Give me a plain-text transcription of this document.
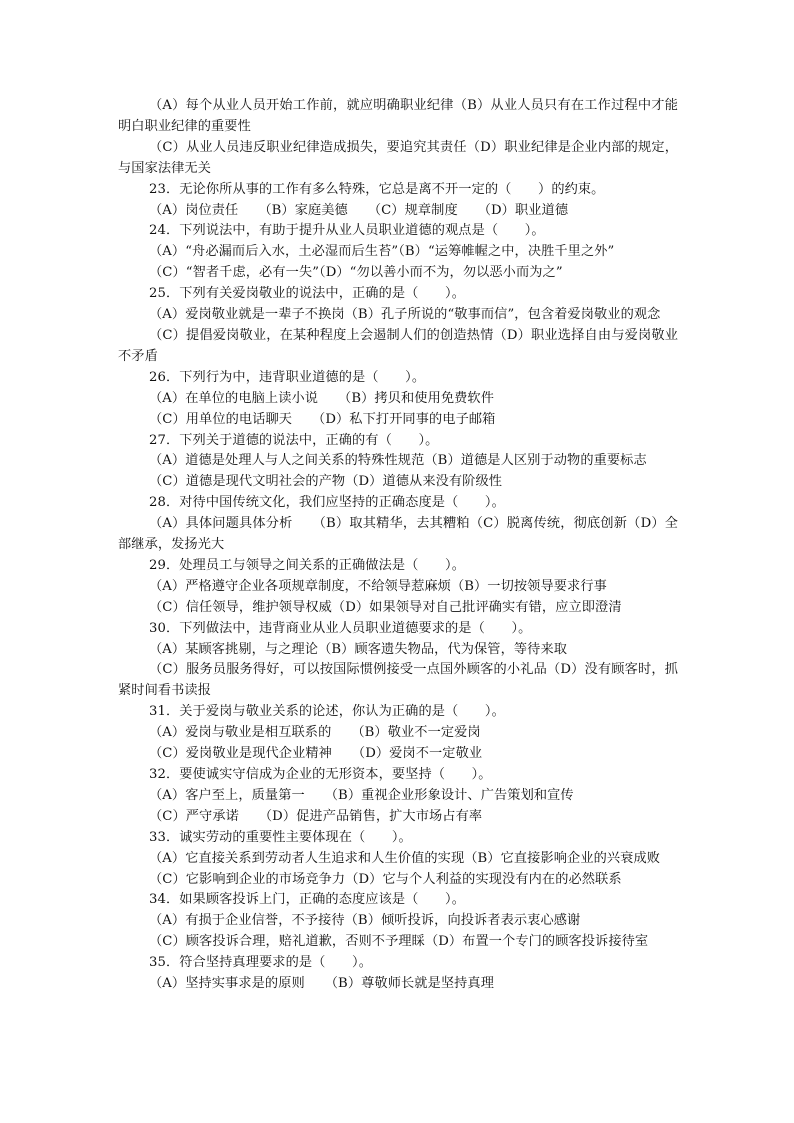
（A）每个从业人员开始工作前，就应明确职业纪律（B）从业人员只有在工作过程中才能明白职业纪律的重要性

（C）从业人员违反职业纪律造成损失，要追究其责任（D）职业纪律是企业内部的规定，与国家法律无关

23．无论你所从事的工作有多么特殊，它总是离不开一定的（　　）的约束。

（A）岗位责任　　（B）家庭美德　　（C）规章制度　　（D）职业道德

24．下列说法中，有助于提升从业人员职业道德的观点是（　　）。

（A）“舟必漏而后入水，土必湿而后生苔”（B）“运筹帷幄之中，决胜千里之外”

（C）“智者千虑，必有一失”（D）“勿以善小而不为，勿以恶小而为之”

25．下列有关爱岗敬业的说法中，正确的是（　　）。

（A）爱岗敬业就是一辈子不换岗（B）孔子所说的“敬事而信”，包含着爱岗敬业的观念

（C）提倡爱岗敬业，在某种程度上会遏制人们的创造热情（D）职业选择自由与爱岗敬业不矛盾

26．下列行为中，违背职业道德的是（　　）。

（A）在单位的电脑上读小说　　（B）拷贝和使用免费软件

（C）用单位的电话聊天　　（D）私下打开同事的电子邮箱

27．下列关于道德的说法中，正确的有（　　）。

（A）道德是处理人与人之间关系的特殊性规范（B）道德是人区别于动物的重要标志

（C）道德是现代文明社会的产物（D）道德从来没有阶级性

28．对待中国传统文化，我们应坚持的正确态度是（　　）。

（A）具体问题具体分析　　（B）取其精华，去其糟粕（C）脱离传统，彻底创新（D）全部继承，发扬光大

29．处理员工与领导之间关系的正确做法是（　　）。

（A）严格遵守企业各项规章制度，不给领导惹麻烦（B）一切按领导要求行事

（C）信任领导，维护领导权威（D）如果领导对自己批评确实有错，应立即澄清

30．下列做法中，违背商业从业人员职业道德要求的是（　　）。

（A）某顾客挑剔，与之理论（B）顾客遗失物品，代为保管，等待来取

（C）服务员服务得好，可以按国际惯例接受一点国外顾客的小礼品（D）没有顾客时，抓紧时间看书读报

31．关于爱岗与敬业关系的论述，你认为正确的是（　　）。

（A）爱岗与敬业是相互联系的　　（B）敬业不一定爱岗

（C）爱岗敬业是现代企业精神　　（D）爱岗不一定敬业

32．要使诚实守信成为企业的无形资本，要坚持（　　）。

（A）客户至上，质量第一　　（B）重视企业形象设计、广告策划和宣传

（C）严守承诺　　（D）促进产品销售，扩大市场占有率

33．诚实劳动的重要性主要体现在（　　）。

（A）它直接关系到劳动者人生追求和人生价值的实现（B）它直接影响企业的兴衰成败

（C）它影响到企业的市场竞争力（D）它与个人利益的实现没有内在的必然联系

34．如果顾客投诉上门，正确的态度应该是（　　）。

（A）有损于企业信誉，不予接待（B）倾听投诉，向投诉者表示衷心感谢

（C）顾客投诉合理，赔礼道歉，否则不予理睬（D）布置一个专门的顾客投诉接待室

35．符合坚持真理要求的是（　　）。

（A）坚持实事求是的原则　　（B）尊敬师长就是坚持真理
